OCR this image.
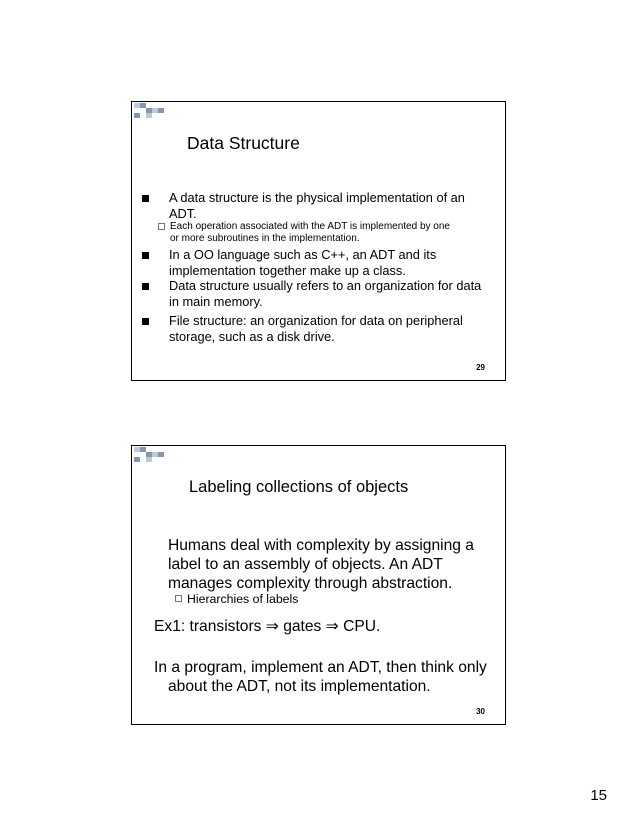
Data Structure
A data structure is the physical implementation of an
ADT.
Each operation associated with the ADT is implemented by one
or more subroutines in the implementation.
In a OO language such as C++, an ADT and its
implementation together make up a class.
Data structure usually refers to an organization for data
in main memory.
File structure: an organization for data on peripheral
storage, such as a disk drive.
29
Labeling collections of objects
Humans deal with complexity by assigning a
label to an assembly of objects. An ADT
manages complexity through abstraction.
Hierarchies of labels
Ex1: transistors ⇒ gates ⇒ CPU.
In a program, implement an ADT, then think only
about the ADT, not its implementation.
30
15
